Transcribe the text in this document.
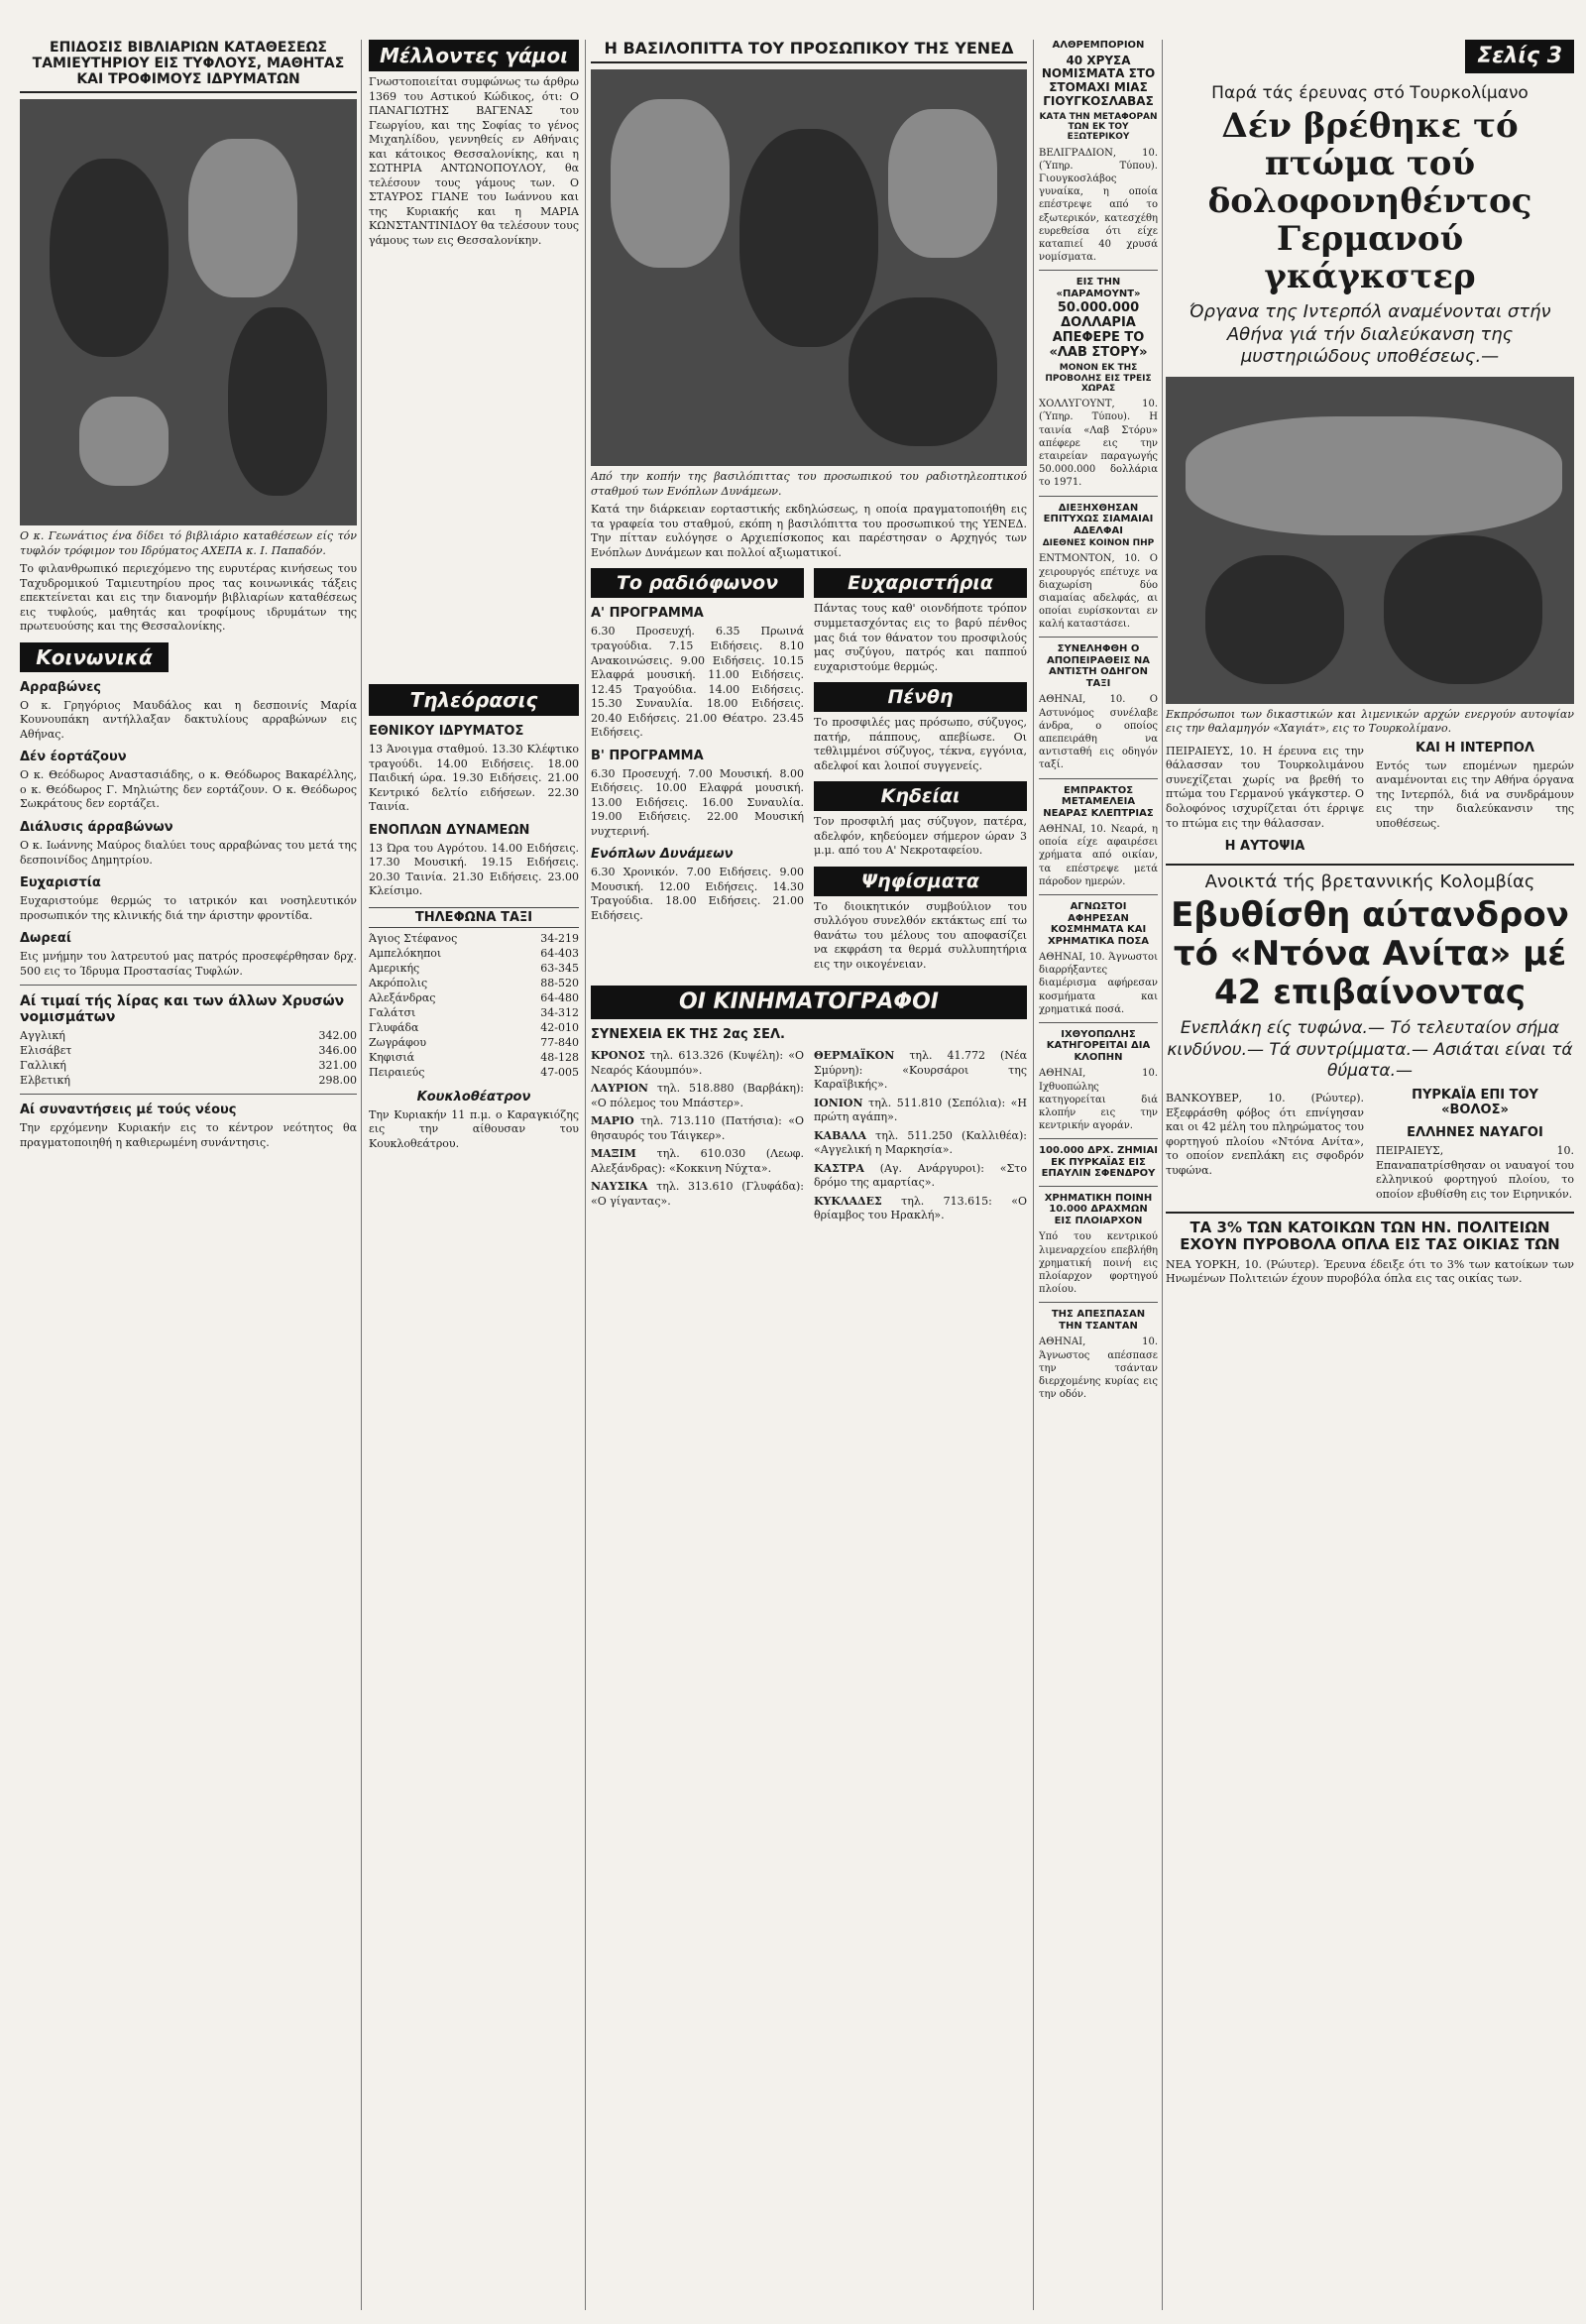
ΕΠΙΔΟΣΙΣ ΒΙΒΛΙΑΡΙΩΝ ΚΑΤΑΘΕΣΕΩΣ ΤΑΜΙΕΥΤΗΡΙΟΥ ΕΙΣ ΤΥΦΛΟΥΣ, ΜΑΘΗΤΑΣ ΚΑΙ ΤΡΟΦΙΜΟΥΣ ΙΔΡΥΜΑΤΩΝ
Ο κ. Γεωνάτιος ένα δίδει τό βιβλιάριο καταθέσεων είς τόν τυφλόν τρόφιμον του Ιδρύματος ΑΧΕΠΑ κ. Ι. Παπαδόν.
Το φιλανθρωπικό περιεχόμενο της ευρυτέρας κινήσεως του Ταχυδρομικού Ταμιευτηρίου προς τας κοινωνικάς τάξεις επεκτείνεται και εις την διανομήν βιβλιαρίων καταθέσεως εις τυφλούς, μαθητάς και τροφίμους ιδρυμάτων της πρωτευούσης και της Θεσσαλονίκης.
Κοινωνικά
Αρραβώνες
Ο κ. Γρηγόριος Μαυδάλος και η δεσποινίς Μαρία Κουνουπάκη αντήλλαξαν δακτυλίους αρραβώνων εις Αθήνας.
Δέν έορτάζουν
Ο κ. Θεόδωρος Αναστασιάδης, ο κ. Θεόδωρος Βακαρέλλης, ο κ. Θεόδωρος Γ. Μηλιώτης δεν εορτάζουν. Ο κ. Θεόδωρος Σωκράτους δεν εορτάζει.
Διάλυσις άρραβώνων
Ο κ. Ιωάννης Μαύρος διαλύει τους αρραβώνας του μετά της δεσποινίδος Δημητρίου.
Ευχαριστία
Ευχαριστούμε θερμώς το ιατρικόν και νοσηλευτικόν προσωπικόν της κλινικής διά την άριστην φροντίδα.
Δωρεαί
Εις μνήμην του λατρευτού μας πατρός προσεφέρθησαν δρχ. 500 εις το Ίδρυμα Προστασίας Τυφλών.
Αί τιμαί τής λίρας και των άλλων Χρυσών νομισμάτων
Αγγλική	342.00
Ελισάβετ	346.00
Γαλλική	321.00
Ελβετική	298.00
Αί συναντήσεις μέ τούς νέους
Την ερχόμενην Κυριακήν εις το κέντρον νεότητος θα πραγματοποιηθή η καθιερωμένη συνάντησις.
Μέλλοντες γάμοι
Γνωστοποιείται συμφώνως τω άρθρω 1369 του Αστικού Κώδικος, ότι: Ο ΠΑΝΑΓΙΩΤΗΣ ΒΑΓΕΝΑΣ του Γεωργίου, και της Σοφίας το γένος Μιχαηλίδου, γεννηθείς εν Αθήναις και κάτοικος Θεσσαλονίκης, και η ΣΩΤΗΡΙΑ ΑΝΤΩΝΟΠΟΥΛΟΥ, θα τελέσουν τους γάμους των. Ο ΣΤΑΥΡΟΣ ΓΙΑΝΕ του Ιωάννου και της Κυριακής και η ΜΑΡΙΑ ΚΩΝΣΤΑΝΤΙΝΙΔΟΥ θα τελέσουν τους γάμους των εις Θεσσαλονίκην.
Τηλεόρασις
ΕΘΝΙΚΟΥ ΙΔΡΥΜΑΤΟΣ
13 Άνοιγμα σταθμού. 13.30 Κλέφτικο τραγούδι. 14.00 Ειδήσεις. 18.00 Παιδική ώρα. 19.30 Ειδήσεις. 21.00 Κεντρικό δελτίο ειδήσεων. 22.30 Ταινία.
ΕΝΟΠΛΩΝ ΔΥΝΑΜΕΩΝ
13 Ώρα του Αγρότου. 14.00 Ειδήσεις. 17.30 Μουσική. 19.15 Ειδήσεις. 20.30 Ταινία. 21.30 Ειδήσεις. 23.00 Κλείσιμο.
ΤΗΛΕΦΩΝΑ ΤΑΞΙ
Άγιος Στέφανος	34-219
Αμπελόκηποι	64-403
Αμερικής	63-345
Ακρόπολις	88-520
Αλεξάνδρας	64-480
Γαλάτσι	34-312
Γλυφάδα	42-010
Ζωγράφου	77-840
Κηφισιά	48-128
Πειραιεύς	47-005
Κουκλοθέατρον
Την Κυριακήν 11 π.μ. ο Καραγκιόζης εις την αίθουσαν του Κουκλοθεάτρου.
Η ΒΑΣΙΛΟΠΙΤΤΑ ΤΟΥ ΠΡΟΣΩΠΙΚΟΥ ΤΗΣ ΥΕΝΕΔ
Από την κοπήν της βασιλόπιττας του προσωπικού του ραδιοτηλεοπτικού σταθμού των Ενόπλων Δυνάμεων.
Κατά την διάρκειαν εορταστικής εκδηλώσεως, η οποία πραγματοποιήθη εις τα γραφεία του σταθμού, εκόπη η βασιλόπιττα του προσωπικού της ΥΕΝΕΔ. Την πίτταν ευλόγησε ο Αρχιεπίσκοπος και παρέστησαν ο Αρχηγός των Ενόπλων Δυνάμεων και πολλοί αξιωματικοί.
Το ραδιόφωνον
Α' ΠΡΟΓΡΑΜΜΑ
6.30 Προσευχή. 6.35 Πρωινά τραγούδια. 7.15 Ειδήσεις. 8.10 Ανακοινώσεις. 9.00 Ειδήσεις. 10.15 Ελαφρά μουσική. 11.00 Ειδήσεις. 12.45 Τραγούδια. 14.00 Ειδήσεις. 15.30 Συναυλία. 18.00 Ειδήσεις. 20.40 Ειδήσεις. 21.00 Θέατρο. 23.45 Ειδήσεις.
Β' ΠΡΟΓΡΑΜΜΑ
6.30 Προσευχή. 7.00 Μουσική. 8.00 Ειδήσεις. 10.00 Ελαφρά μουσική. 13.00 Ειδήσεις. 16.00 Συναυλία. 19.00 Ειδήσεις. 22.00 Μουσική νυχτερινή.
Ενόπλων Δυνάμεων
6.30 Χρονικόν. 7.00 Ειδήσεις. 9.00 Μουσική. 12.00 Ειδήσεις. 14.30 Τραγούδια. 18.00 Ειδήσεις. 21.00 Ειδήσεις.
Ευχαριστήρια
Πάντας τους καθ' οιονδήποτε τρόπον συμμετασχόντας εις το βαρύ πένθος μας διά τον θάνατον του προσφιλούς μας συζύγου, πατρός και παππού ευχαριστούμε θερμώς.
Πένθη
Το προσφιλές μας πρόσωπο, σύζυγος, πατήρ, πάππους, απεβίωσε. Οι τεθλιμμένοι σύζυγος, τέκνα, εγγόνια, αδελφοί και λοιποί συγγενείς.
Κηδείαι
Τον προσφιλή μας σύζυγον, πατέρα, αδελφόν, κηδεύομεν σήμερον ώραν 3 μ.μ. από του Α' Νεκροταφείου.
Ψηφίσματα
Το διοικητικόν συμβούλιον του συλλόγου συνελθόν εκτάκτως επί τω θανάτω του μέλους του αποφασίζει να εκφράση τα θερμά συλλυπητήρια εις την οικογένειαν.
ΟΙ ΚΙΝΗΜΑΤΟΓΡΑΦΟΙ
ΣΥΝΕΧΕΙΑ ΕΚ ΤΗΣ 2ας ΣΕΛ.
ΚΡΟΝΟΣ τηλ. 613.326 (Κυψέλη): «Ο Νεαρός Κάουμπόυ».
ΛΑΥΡΙΟΝ τηλ. 518.880 (Βαρβάκη): «Ο πόλεμος του Μπάστερ».
ΜΑΡΙΟ τηλ. 713.110 (Πατήσια): «Ο θησαυρός του Τάιγκερ».
ΜΑΞΙΜ τηλ. 610.030 (Λεωφ. Αλεξάνδρας): «Κοκκινη Νύχτα».
ΝΑΥΣΙΚΑ τηλ. 313.610 (Γλυφάδα): «Ο γίγαντας».
ΘΕΡΜΑΪΚΟΝ τηλ. 41.772 (Νέα Σμύρνη): «Κουρσάροι της Καραϊβικής».
ΙΟΝΙΟΝ τηλ. 511.810 (Σεπόλια): «Η πρώτη αγάπη».
ΚΑΒΑΛΑ τηλ. 511.250 (Καλλιθέα): «Αγγελική η Μαρκησία».
ΚΑΣΤΡΑ (Αγ. Ανάργυροι): «Στο δρόμο της αμαρτίας».
ΚΥΚΛΑΔΕΣ τηλ. 713.615: «Ο θρίαμβος του Ηρακλή».
ΑΛΘΡΕΜΠΟΡΙΟΝ
40 ΧΡΥΣΑ ΝΟΜΙΣΜΑΤΑ ΣΤΟ ΣΤΟΜΑΧΙ ΜΙΑΣ ΓΙΟΥΓΚΟΣΛΑΒΑΣ
ΚΑΤΑ ΤΗΝ ΜΕΤΑΦΟΡΑΝ ΤΩΝ ΕΚ ΤΟΥ ΕΞΩΤΕΡΙΚΟΥ
ΒΕΛΙΓΡΑΔΙΟΝ, 10. (Ύπηρ. Τύπου). Γιουγκοσλάβος γυναίκα, η οποία επέστρεψε από το εξωτερικόν, κατεσχέθη ευρεθείσα ότι είχε καταπιεί 40 χρυσά νομίσματα.
ΕΙΣ ΤΗΝ «ΠΑΡΑΜΟΥΝΤ»
50.000.000 ΔΟΛΛΑΡΙΑ ΑΠΕΦΕΡΕ ΤΟ «ΛΑΒ ΣΤΟΡΥ»
ΜΟΝΟΝ ΕΚ ΤΗΣ ΠΡΟΒΟΛΗΣ ΕΙΣ ΤΡΕΙΣ ΧΩΡΑΣ
ΧΟΛΛΥΓΟΥΝΤ, 10. (Ύπηρ. Τύπου). Η ταινία «Λαβ Στόρυ» απέφερε εις την εταιρείαν παραγωγής 50.000.000 δολλάρια το 1971.
ΔΙΕΞΗΧΘΗΣΑΝ ΕΠΙΤΥΧΩΣ ΣΙΑΜΑΙΑΙ ΑΔΕΛΦΑΙ
ΔΙΕΘΝΕΣ ΚΟΙΝΟΝ ΠΗΡ
ΕΝΤΜΟΝΤΟΝ, 10. Ο χειρουργός επέτυχε να διαχωρίση δύο σιαμαίας αδελφάς, αι οποίαι ευρίσκονται εν καλή καταστάσει.
ΣΥΝΕΛΗΦΘΗ Ο ΑΠΟΠΕΙΡΑΘΕΙΣ ΝΑ ΑΝΤΙΣΤΗ ΟΔΗΓΟΝ ΤΑΞΙ
ΑΘΗΝΑΙ, 10. Ο Αστυνόμος συνέλαβε άνδρα, ο οποίος απεπειράθη να αντισταθή εις οδηγόν ταξί.
ΕΜΠΡΑΚΤΟΣ ΜΕΤΑΜΕΛΕΙΑ ΝΕΑΡΑΣ ΚΛΕΠΤΡΙΑΣ
ΑΘΗΝΑΙ, 10. Νεαρά, η οποία είχε αφαιρέσει χρήματα από οικίαν, τα επέστρεψε μετά πάροδον ημερών.
ΑΓΝΩΣΤΟΙ ΑΦΗΡΕΣΑΝ ΚΟΣΜΗΜΑΤΑ ΚΑΙ ΧΡΗΜΑΤΙΚΑ ΠΟΣΑ
ΑΘΗΝΑΙ, 10. Άγνωστοι διαρρήξαντες διαμέρισμα αφήρεσαν κοσμήματα και χρηματικά ποσά.
ΙΧΘΥΟΠΩΛΗΣ ΚΑΤΗΓΟΡΕΙΤΑΙ ΔΙΑ ΚΛΟΠΗΝ
ΑΘΗΝΑΙ, 10. Ιχθυοπώλης κατηγορείται διά κλοπήν εις την κεντρικήν αγοράν.
100.000 ΔΡΧ. ΖΗΜΙΑΙ ΕΚ ΠΥΡΚΑΪΑΣ ΕΙΣ ΕΠΑΥΛΙΝ ΣΦΕΝΔΡΟΥ
ΧΡΗΜΑΤΙΚΗ ΠΟΙΝΗ 10.000 ΔΡΑΧΜΩΝ ΕΙΣ ΠΛΟΙΑΡΧΟΝ
Υπό του κεντρικού λιμεναρχείου επεβλήθη χρηματική ποινή εις πλοίαρχον φορτηγού πλοίου.
ΤΗΣ ΑΠΕΣΠΑΣΑΝ ΤΗΝ ΤΣΑΝΤΑΝ
ΑΘΗΝΑΙ, 10. Άγνωστος απέσπασε την τσάνταν διερχομένης κυρίας εις την οδόν.
Σελίς 3
Παρά τάς έρευνας στό Τουρκολίμανο
Δέν βρέθηκε τό πτώμα τού δολοφονηθέντος Γερμανού γκάγκστερ
Όργανα της Ιντερπόλ αναμένονται στήν Αθήνα γιά τήν διαλεύκανση της μυστηριώδους υποθέσεως.—
Εκπρόσωποι των δικαστικών και λιμενικών αρχών ενεργούν αυτοψίαν εις την θαλαμηγόν «Χαγιάτ», εις το Τουρκολίμανο.
ΠΕΙΡΑΙΕΥΣ, 10. Η έρευνα εις την θάλασσαν του Τουρκολιμάνου συνεχίζεται χωρίς να βρεθή το πτώμα του Γερμανού γκάγκστερ. Ο δολοφόνος ισχυρίζεται ότι έρριψε το πτώμα εις την θάλασσαν.
Η ΑΥΤΟΨΙΑ
ΚΑΙ Η ΙΝΤΕΡΠΟΛ
Εντός των επομένων ημερών αναμένονται εις την Αθήνα όργανα της Ιντερπόλ, διά να συνδράμουν εις την διαλεύκανσιν της υποθέσεως.
Ανοικτά τής βρεταννικής Κολομβίας
Εβυθίσθη αύτανδρον τό «Ντόνα Ανίτα» μέ 42 επιβαίνοντας
Ενεπλάκη είς τυφώνα.— Τό τελευταίον σήμα κινδύνου.— Τά συντρίμματα.— Ασιάται είναι τά θύματα.—
ΒΑΝΚΟΥΒΕΡ, 10. (Ρώυτερ). Εξεφράσθη φόβος ότι επνίγησαν και οι 42 μέλη του πληρώματος του φορτηγού πλοίου «Ντόνα Ανίτα», το οποίον ενεπλάκη εις σφοδρόν τυφώνα.
ΠΥΡΚΑΪΑ ΕΠΙ ΤΟΥ «ΒΟΛΟΣ»
ΕΛΛΗΝΕΣ ΝΑΥΑΓΟΙ
ΠΕΙΡΑΙΕΥΣ, 10. Επαναπατρίσθησαν οι ναυαγοί του ελληνικού φορτηγού πλοίου, το οποίον εβυθίσθη εις τον Ειρηνικόν.
ΤΑ 3% ΤΩΝ ΚΑΤΟΙΚΩΝ ΤΩΝ ΗΝ. ΠΟΛΙΤΕΙΩΝ ΕΧΟΥΝ ΠΥΡΟΒΟΛΑ ΟΠΛΑ ΕΙΣ ΤΑΣ ΟΙΚΙΑΣ ΤΩΝ
ΝΕΑ ΥΟΡΚΗ, 10. (Ρώυτερ). Έρευνα έδειξε ότι το 3% των κατοίκων των Ηνωμένων Πολιτειών έχουν πυροβόλα όπλα εις τας οικίας των.
